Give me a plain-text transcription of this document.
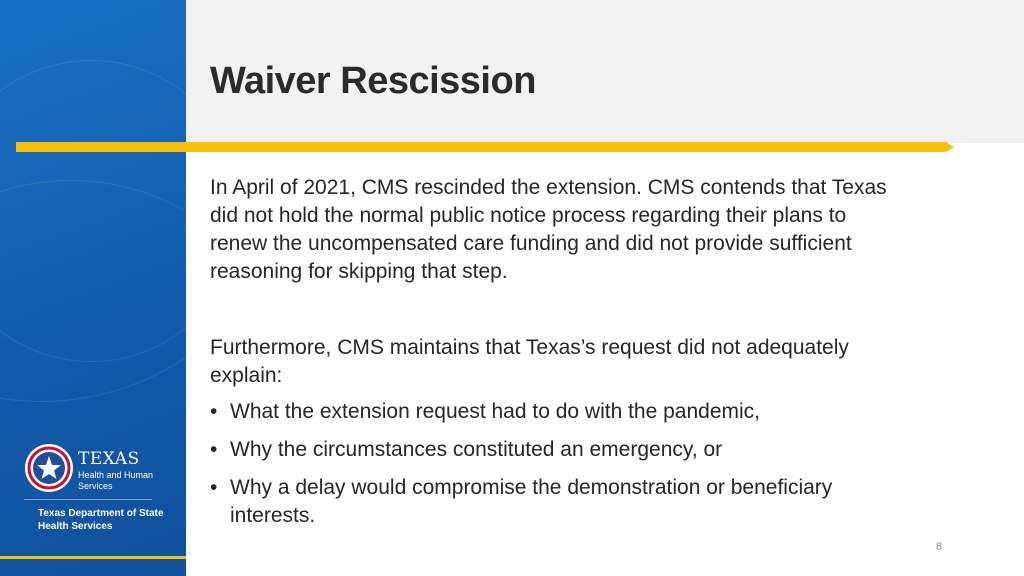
Waiver Rescission

In April of 2021, CMS rescinded the extension. CMS contends that Texas did not hold the normal public notice process regarding their plans to renew the uncompensated care funding and did not provide sufficient reasoning for skipping that step.

Furthermore, CMS maintains that Texas’s request did not adequately explain:

• What the extension request had to do with the pandemic,
• Why the circumstances constituted an emergency, or
• Why a delay would compromise the demonstration or beneficiary interests.
8
TEXAS
Health and Human Services
Texas Department of State Health Services
